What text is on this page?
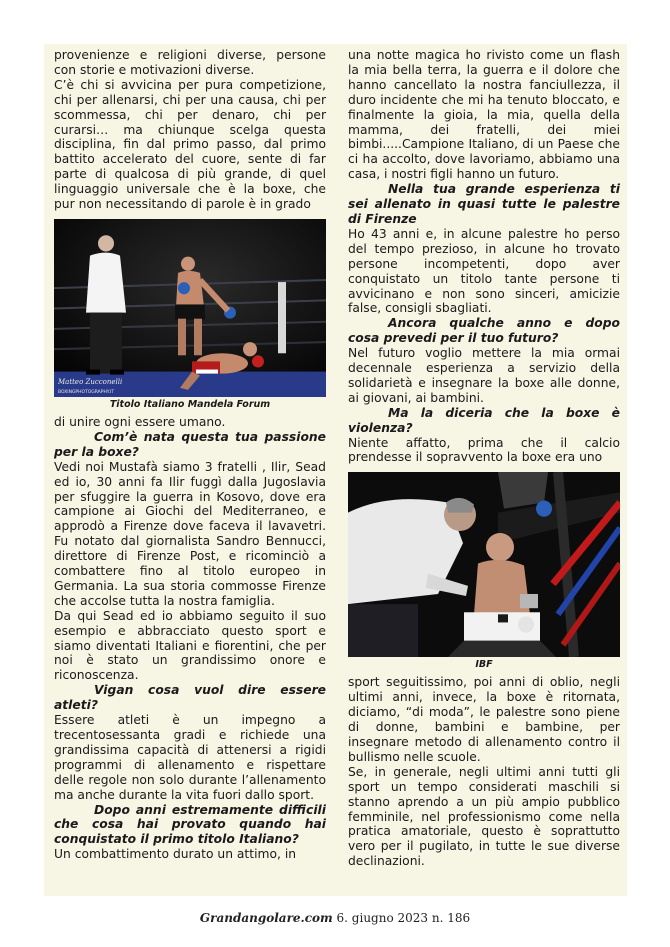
provenienze e religioni diverse, persone con storie e motivazioni diverse.

C’è chi si avvicina per pura competizione, chi per allenarsi, chi per una causa, chi per scommessa, chi per denaro, chi per curarsi… ma chiunque scelga questa disciplina, fin dal primo passo, dal primo battito accelerato del cuore, sente di far parte di qualcosa di più grande, di quel linguaggio universale che è la boxe, che pur non necessitando di parole è in grado

Matteo Zucconelli
BOXINGPHOTOGRAPHY.IT
Titolo Italiano Mandela Forum

di unire ogni essere umano.

Com’è nata questa tua passione per la boxe?

Vedi noi Mustafà siamo 3 fratelli , Ilir, Sead ed io, 30 anni fa Ilir fuggì dalla Jugoslavia per sfuggire la guerra in Kosovo, dove era campione ai Giochi del Mediterraneo, e approdò a Firenze dove faceva il lavavetri. Fu notato dal giornalista Sandro Bennucci, direttore di Firenze Post, e ricominciò a combattere fino al titolo europeo in Germania. La sua storia commosse Firenze che accolse tutta la nostra famiglia.

Da qui Sead ed io abbiamo seguito il suo esempio e abbracciato questo sport e siamo diventati Italiani e fiorentini, che per noi è stato un grandissimo onore e riconoscenza.

Vigan cosa vuol dire essere atleti?

Essere atleti è un impegno a trecentosessanta gradi e richiede una grandissima capacità di attenersi a rigidi programmi di allenamento e rispettare delle regole non solo durante l’allenamento ma anche durante la vita fuori dallo sport.

Dopo anni estremamente difficili che cosa hai provato quando hai conquistato il primo titolo Italiano?

Un combattimento durato un attimo, in

una notte magica ho rivisto come un flash la mia bella terra, la guerra e il dolore che hanno cancellato la nostra fanciullezza, il duro incidente che mi ha tenuto bloccato, e finalmente la gioia, la mia, quella della mamma, dei fratelli, dei miei bimbi.....Campione Italiano, di un Paese che ci ha accolto, dove lavoriamo, abbiamo una casa, i nostri figli hanno un futuro.

Nella tua grande esperienza ti sei allenato in quasi tutte le palestre di Firenze

Ho 43 anni e, in alcune palestre ho perso del tempo prezioso, in alcune ho trovato persone incompetenti, dopo aver conquistato un titolo tante persone ti avvicinano e non sono sinceri, amicizie false, consigli sbagliati.

Ancora qualche anno e dopo cosa prevedi per il tuo futuro?

Nel futuro voglio mettere la mia ormai decennale esperienza a servizio della solidarietà e insegnare la boxe alle donne, ai giovani, ai bambini.

Ma la diceria che la boxe è violenza?

Niente affatto, prima che il calcio prendesse il sopravvento la boxe era uno

IBF

sport seguitissimo, poi anni di oblio, negli ultimi anni, invece, la boxe è ritornata, diciamo, “di moda”, le palestre sono piene di donne, bambini e bambine, per insegnare metodo di allenamento contro il bullismo nelle scuole.

Se, in generale, negli ultimi anni tutti gli sport un tempo considerati maschili si stanno aprendo a un più ampio pubblico femminile, nel professionismo come nella pratica amatoriale, questo è soprattutto vero per il pugilato, in tutte le sue diverse declinazioni.

Grandangolare.com 6. giugno 2023 n. 186
